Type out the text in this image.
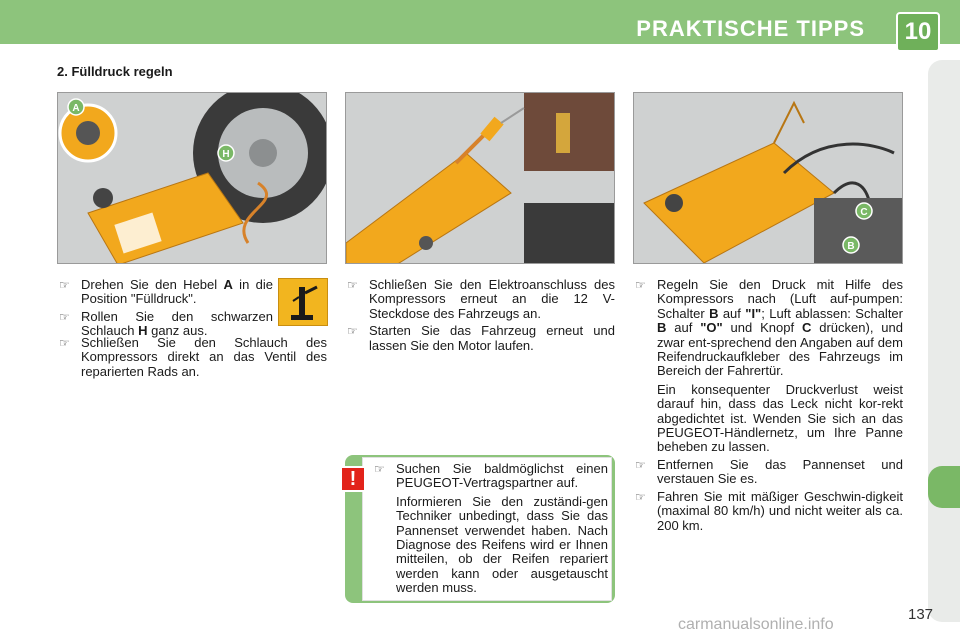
PRAKTISCHE TIPPS	10
2. Fülldruck regeln
A
H
C
B
☞ Drehen Sie den Hebel A in die Position "Fülldruck".
☞ Rollen Sie den schwarzen Schlauch H ganz aus.
☞ Schließen Sie den Schlauch des Kompressors direkt an das Ventil des reparierten Rads an.
☞ Schließen Sie den Elektroanschluss des Kompressors erneut an die 12 V-Steckdose des Fahrzeugs an.
☞ Starten Sie das Fahrzeug erneut und lassen Sie den Motor laufen.
!	☞ Suchen Sie baldmöglichst einen PEUGEOT-Vertragspartner auf.
Informieren Sie den zuständi-gen Techniker unbedingt, dass Sie das Pannenset verwendet haben. Nach Diagnose des Reifens wird er Ihnen mitteilen, ob der Reifen repariert werden kann oder ausgetauscht werden muss.
☞ Regeln Sie den Druck mit Hilfe des Kompressors nach (Luft auf-pumpen: Schalter B auf "I"; Luft ablassen: Schalter B auf "O" und Knopf C drücken), und zwar ent-sprechend den Angaben auf dem Reifendruckaufkleber des Fahrzeugs im Bereich der Fahrertür.
Ein konsequenter Druckverlust weist darauf hin, dass das Leck nicht kor-rekt abgedichtet ist. Wenden Sie sich an das PEUGEOT-Händlernetz, um Ihre Panne beheben zu lassen.
☞ Entfernen Sie das Pannenset und verstauen Sie es.
☞ Fahren Sie mit mäßiger Geschwin-digkeit (maximal 80 km/h) und nicht weiter als ca. 200 km.
137
carmanualsonline.info
